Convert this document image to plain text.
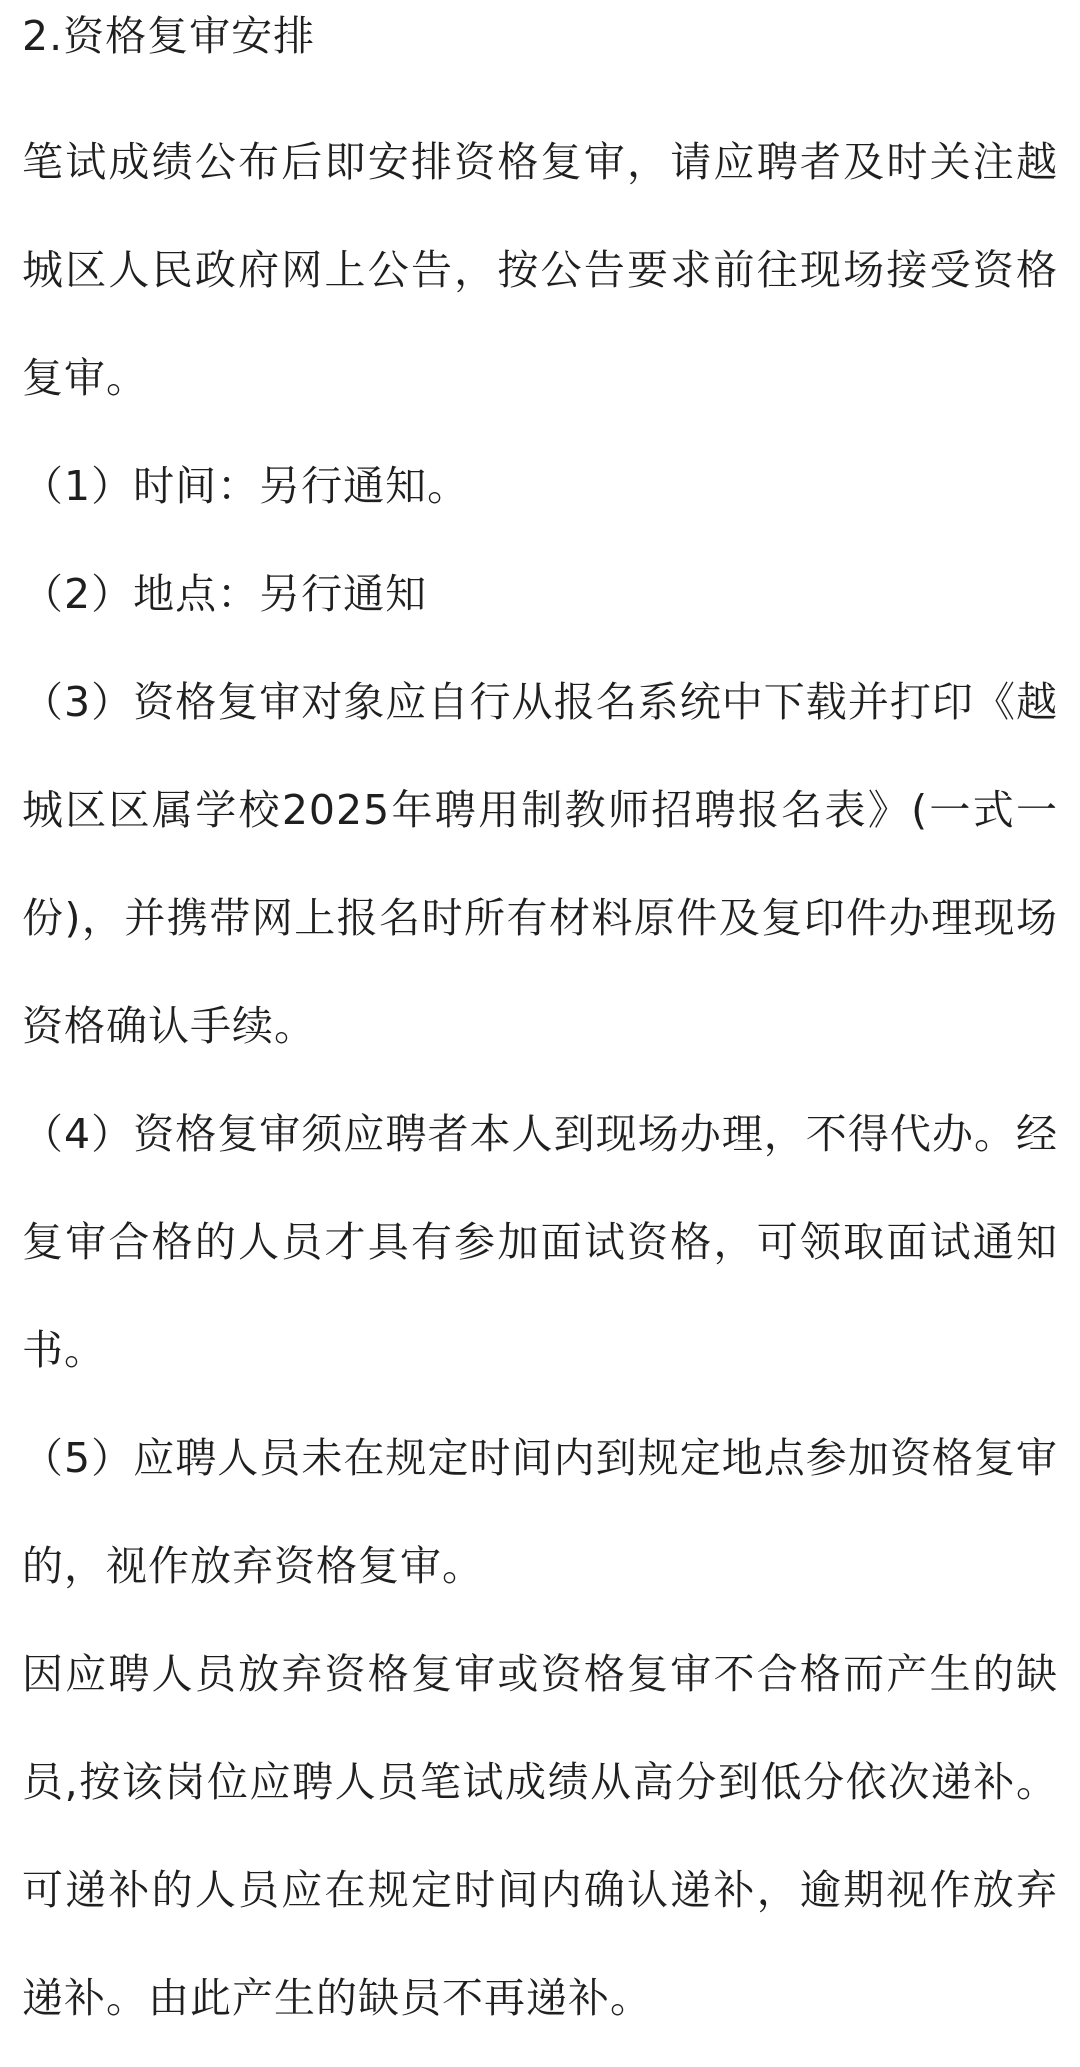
2.资格复审安排

笔试成绩公布后即安排资格复审，请应聘者及时关注越城区人民政府网上公告，按公告要求前往现场接受资格复审。

（1）时间：另行通知。

（2）地点：另行通知

（3）资格复审对象应自行从报名系统中下载并打印《越城区区属学校2025年聘用制教师招聘报名表》(一式一份)，并携带网上报名时所有材料原件及复印件办理现场资格确认手续。

（4）资格复审须应聘者本人到现场办理，不得代办。经复审合格的人员才具有参加面试资格，可领取面试通知书。

（5）应聘人员未在规定时间内到规定地点参加资格复审的，视作放弃资格复审。

因应聘人员放弃资格复审或资格复审不合格而产生的缺员,按该岗位应聘人员笔试成绩从高分到低分依次递补。可递补的人员应在规定时间内确认递补，逾期视作放弃递补。由此产生的缺员不再递补。
